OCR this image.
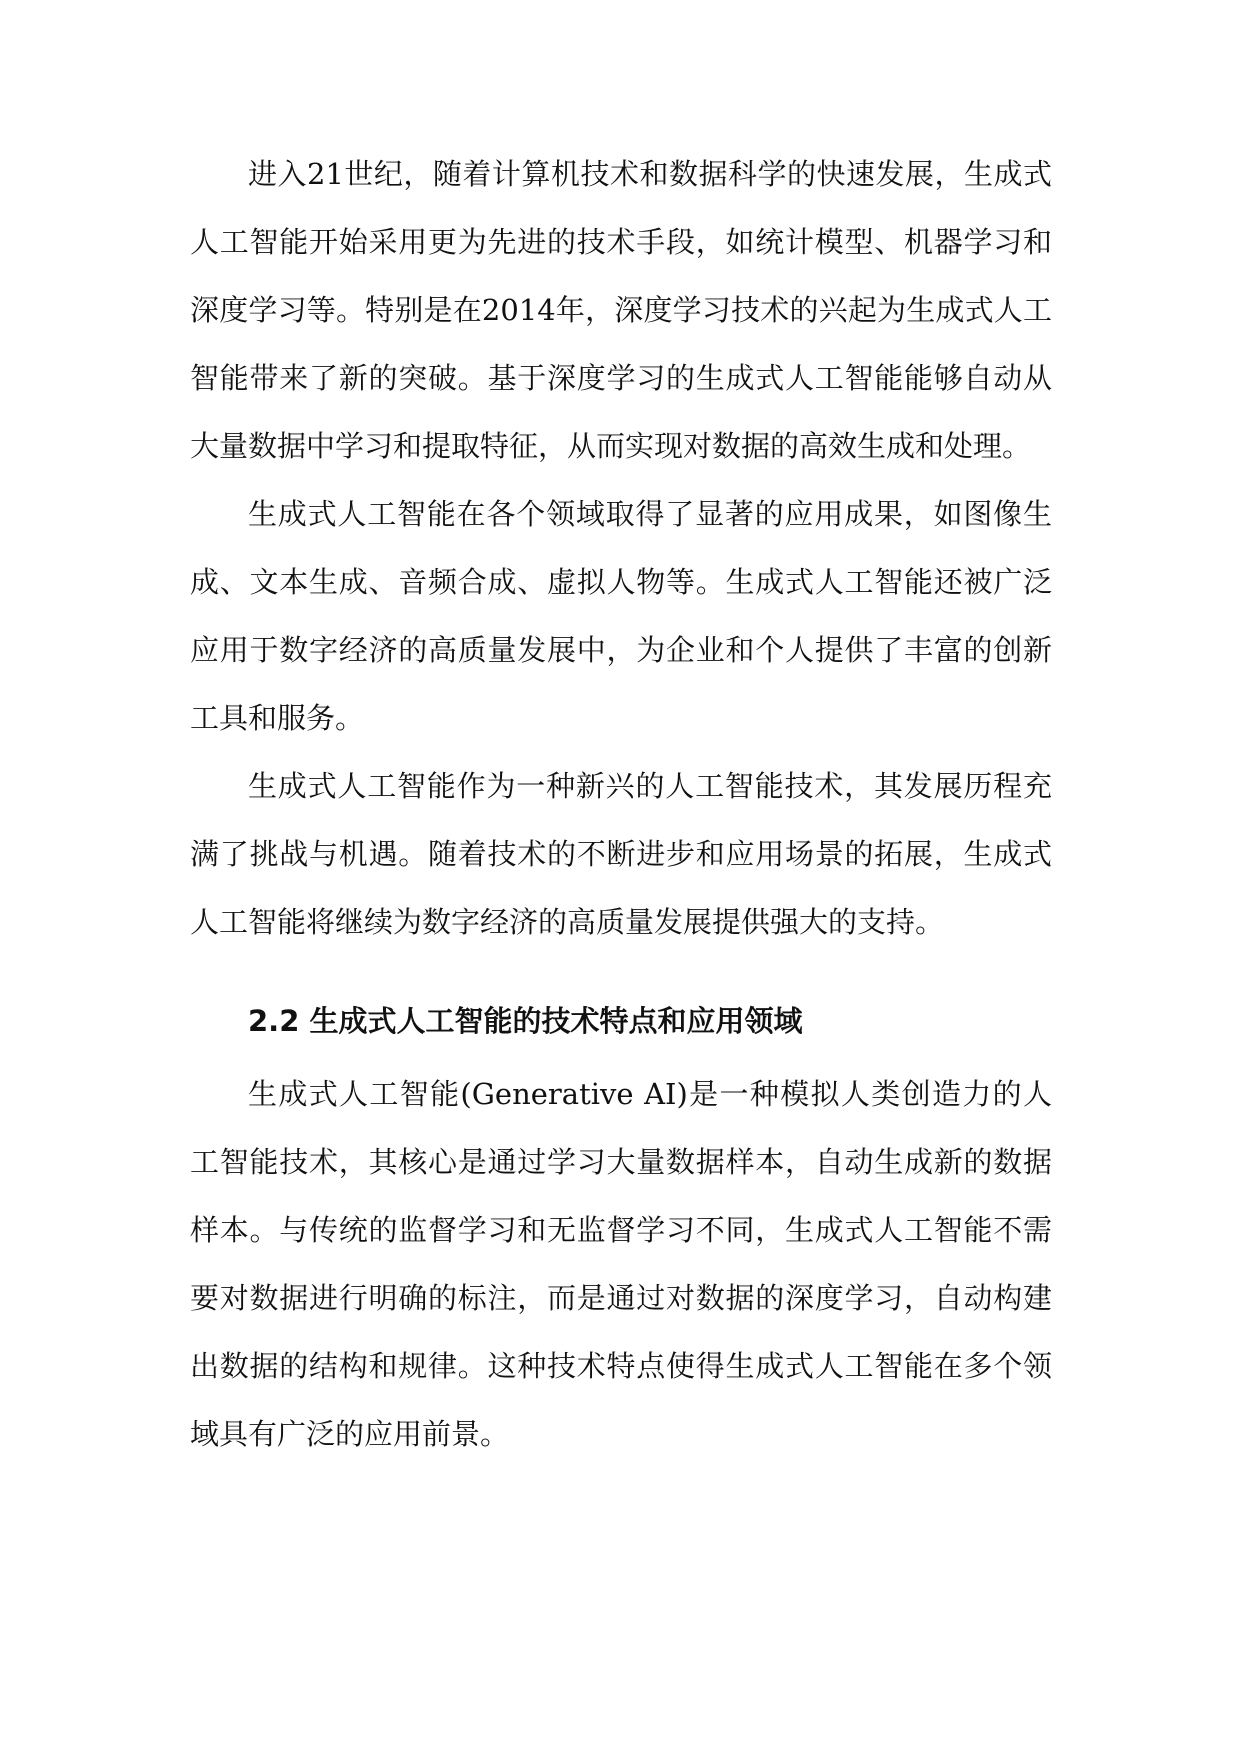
进入21世纪，随着计算机技术和数据科学的快速发展，生成式人工智能开始采用更为先进的技术手段，如统计模型、机器学习和深度学习等。特别是在2014年，深度学习技术的兴起为生成式人工智能带来了新的突破。基于深度学习的生成式人工智能能够自动从大量数据中学习和提取特征，从而实现对数据的高效生成和处理。

生成式人工智能在各个领域取得了显著的应用成果，如图像生成、文本生成、音频合成、虚拟人物等。生成式人工智能还被广泛应用于数字经济的高质量发展中，为企业和个人提供了丰富的创新工具和服务。

生成式人工智能作为一种新兴的人工智能技术，其发展历程充满了挑战与机遇。随着技术的不断进步和应用场景的拓展，生成式人工智能将继续为数字经济的高质量发展提供强大的支持。

2.2 生成式人工智能的技术特点和应用领域

生成式人工智能(Generative AI)是一种模拟人类创造力的人工智能技术，其核心是通过学习大量数据样本，自动生成新的数据样本。与传统的监督学习和无监督学习不同，生成式人工智能不需要对数据进行明确的标注，而是通过对数据的深度学习，自动构建出数据的结构和规律。这种技术特点使得生成式人工智能在多个领域具有广泛的应用前景。
